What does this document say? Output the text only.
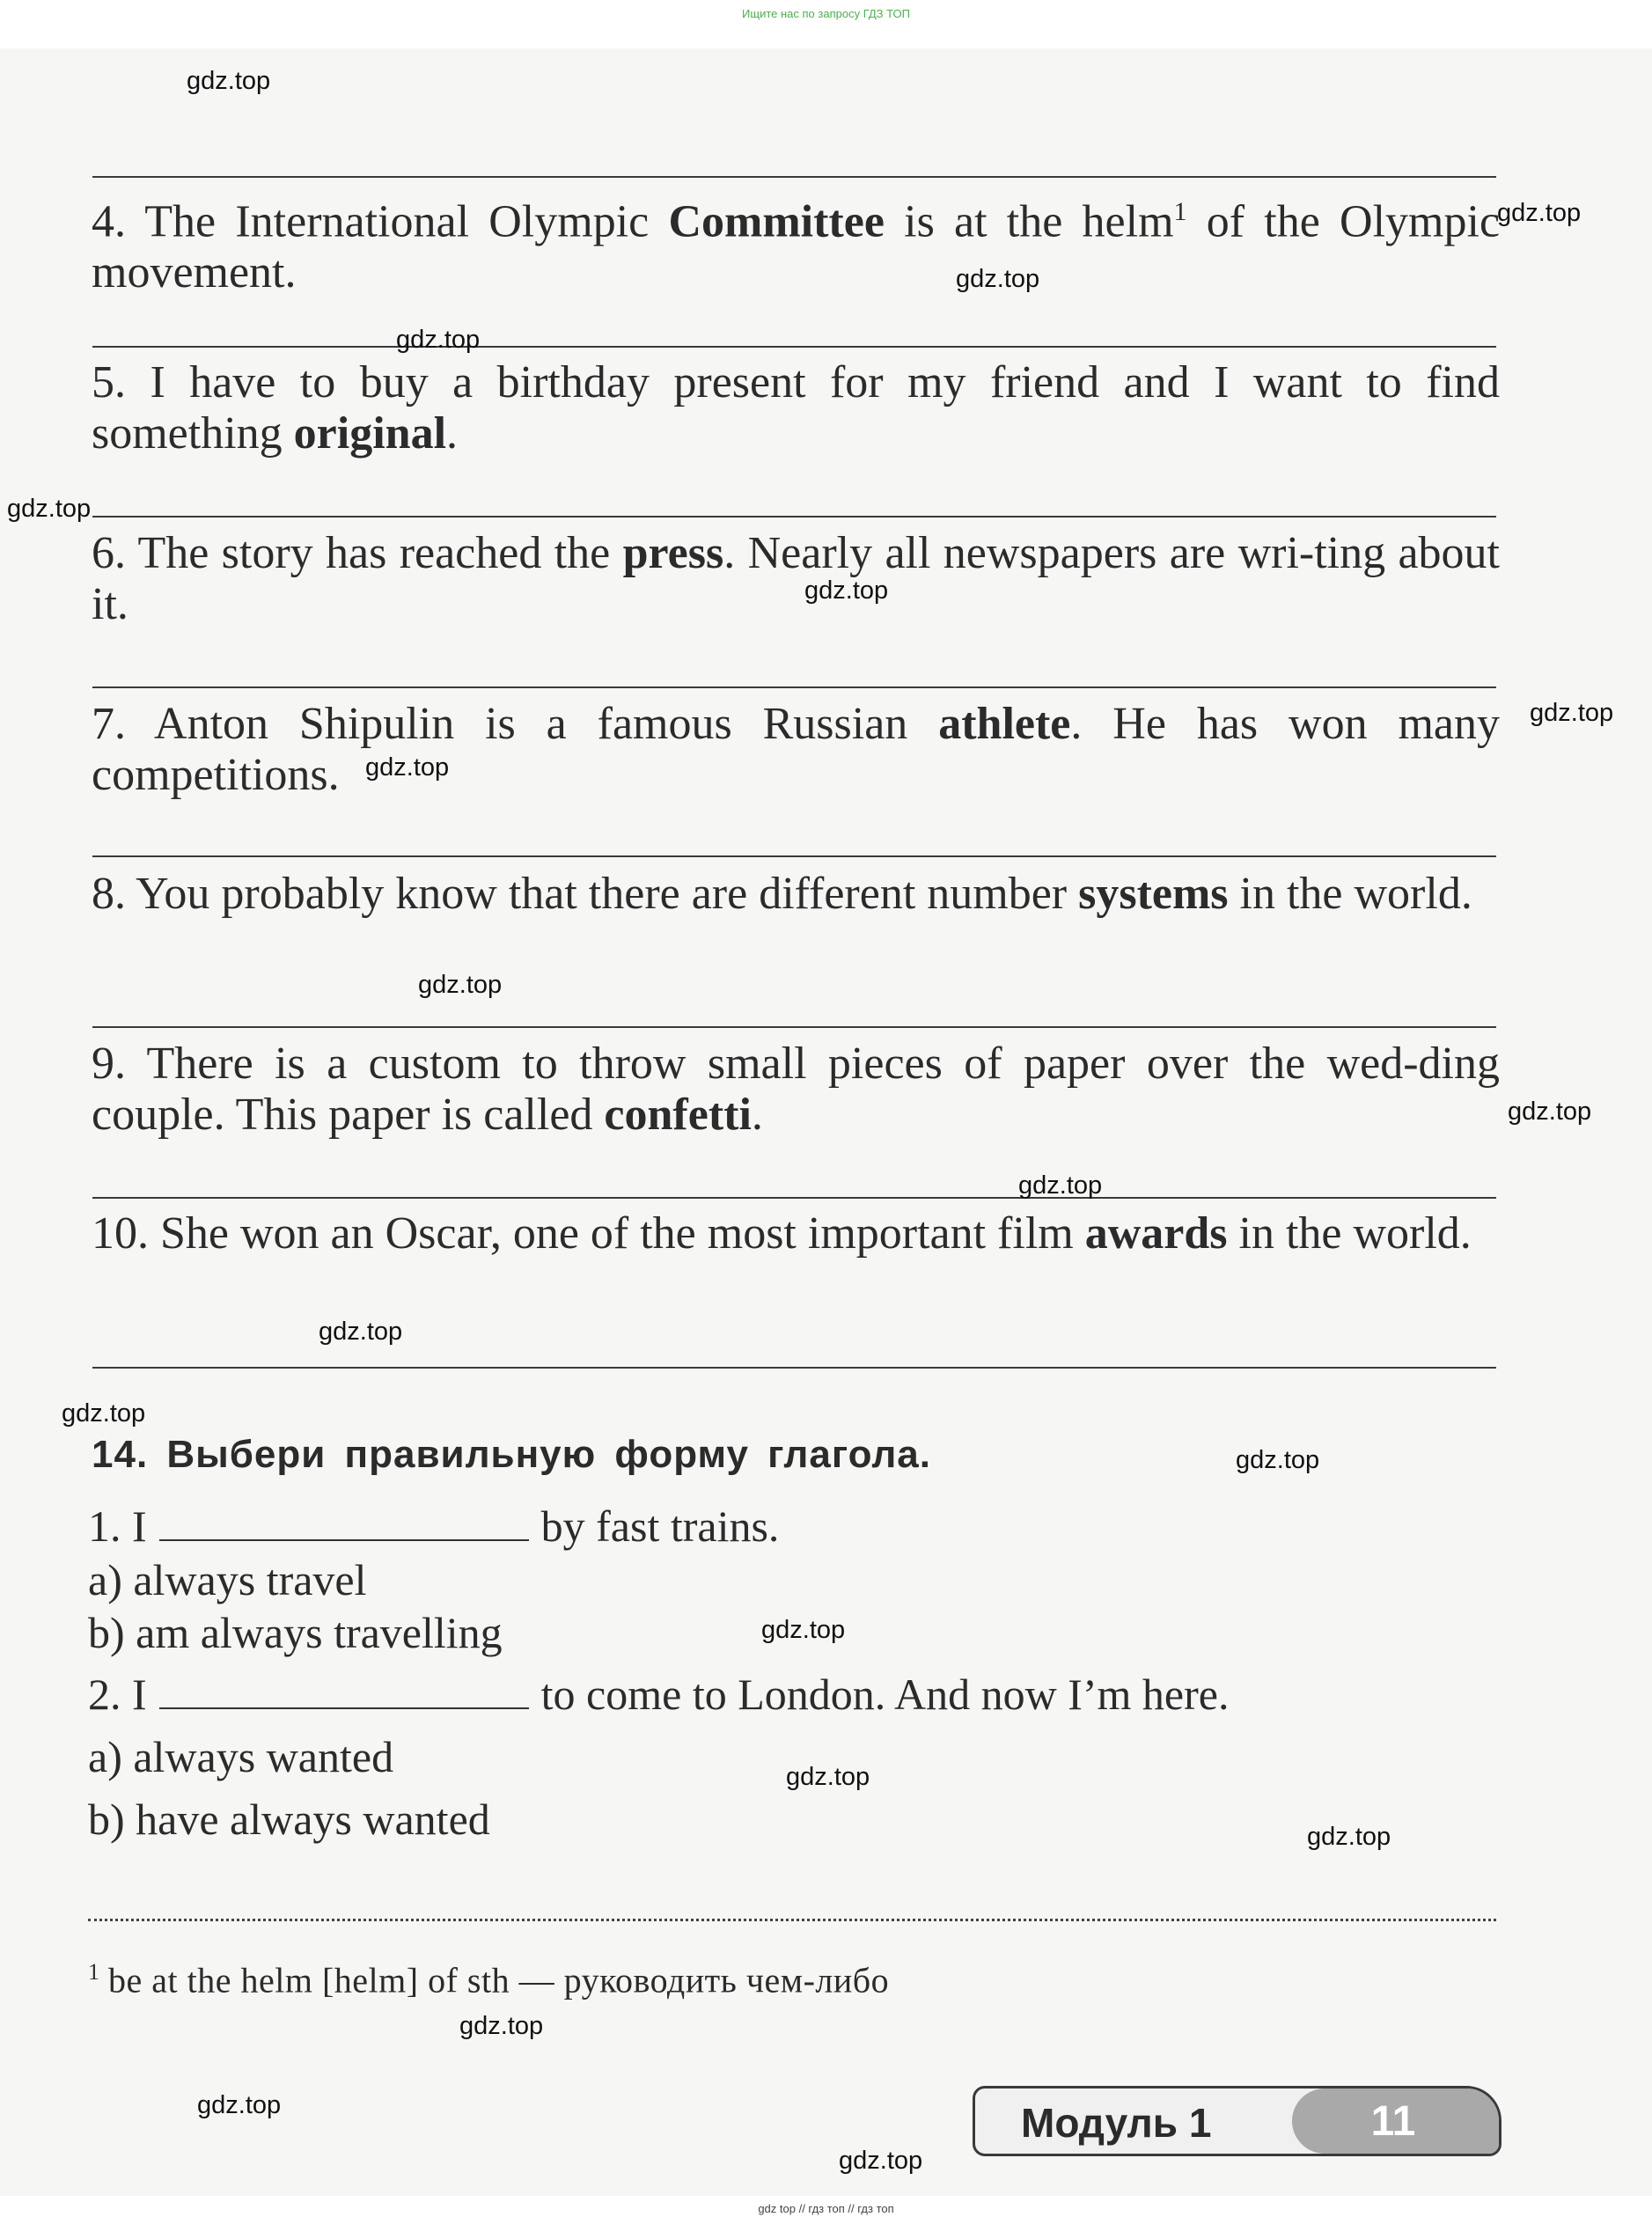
Ищите нас по запросу ГДЗ ТОП

4. The International Olympic Committee is at the helm$^1$ of the Olympic movement.

5. I have to buy a birthday present for my friend and I want to find something original.

6. The story has reached the press. Nearly all newspapers are wri-ting about it.

7. Anton Shipulin is a famous Russian athlete. He has won many competitions.

8. You probably know that there are different number systems in the world.

9. There is a custom to throw small pieces of paper over the wed-ding couple. This paper is called confetti.

10. She won an Oscar, one of the most important film awards in the world.

14. Выбери правильную форму глагола.
1. I	by fast trains.
a) always travel
b) am always travelling
2. I	to come to London. And now I’m here.
a) always wanted
b) have always wanted
$^1$ be at the helm [helm] of sth — руководить чем-либо
Модуль 1	11
gdz.top
gdz.top
gdz.top
gdz.top
gdz.top
gdz.top
gdz.top
gdz.top
gdz.top
gdz.top
gdz.top
gdz.top
gdz.top
gdz.top
gdz.top
gdz.top
gdz.top
gdz.top
gdz.top
gdz.top
gdz top // гдз топ // гдз топ
